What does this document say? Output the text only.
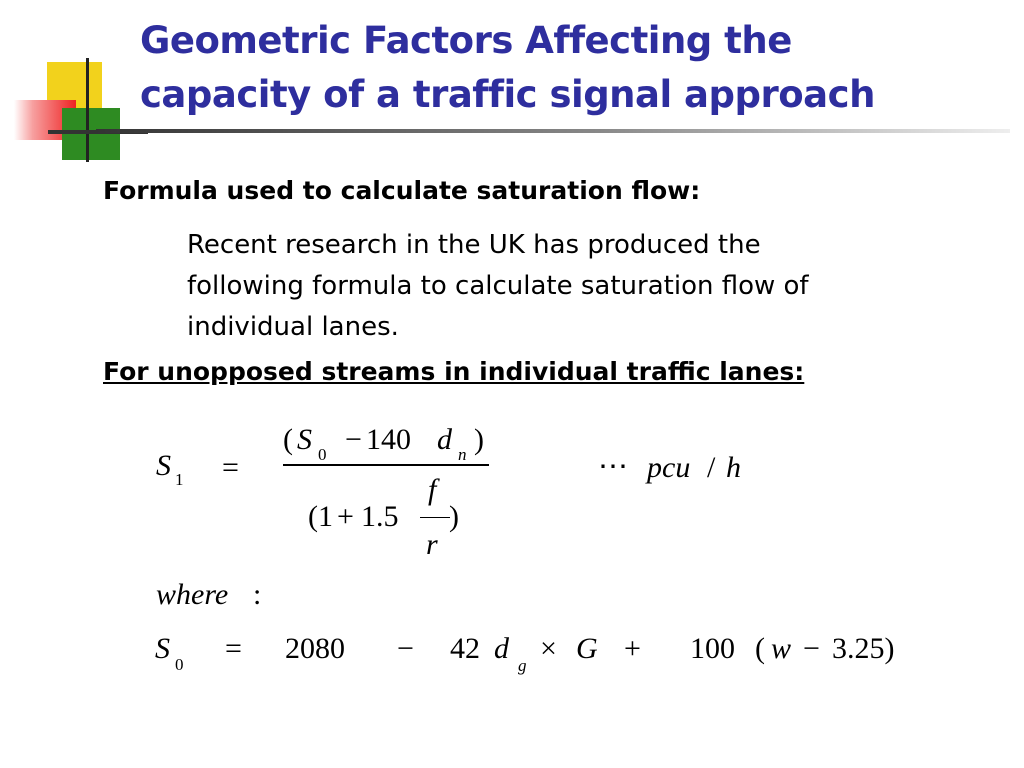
Geometric Factors Affecting the
capacity of a traffic signal approach
Formula used to calculate saturation flow:
Recent research in the UK has produced the
following formula to calculate saturation flow of
individual lanes.
For unopposed streams in individual traffic lanes:
S 1 =
( S 0 − 140 d n )
(1 + 1.5
f
r
)
⋯ pcu / h
where :
S 0 = 2080 − 42 d
g
× G + 100 ( w − 3.25)
